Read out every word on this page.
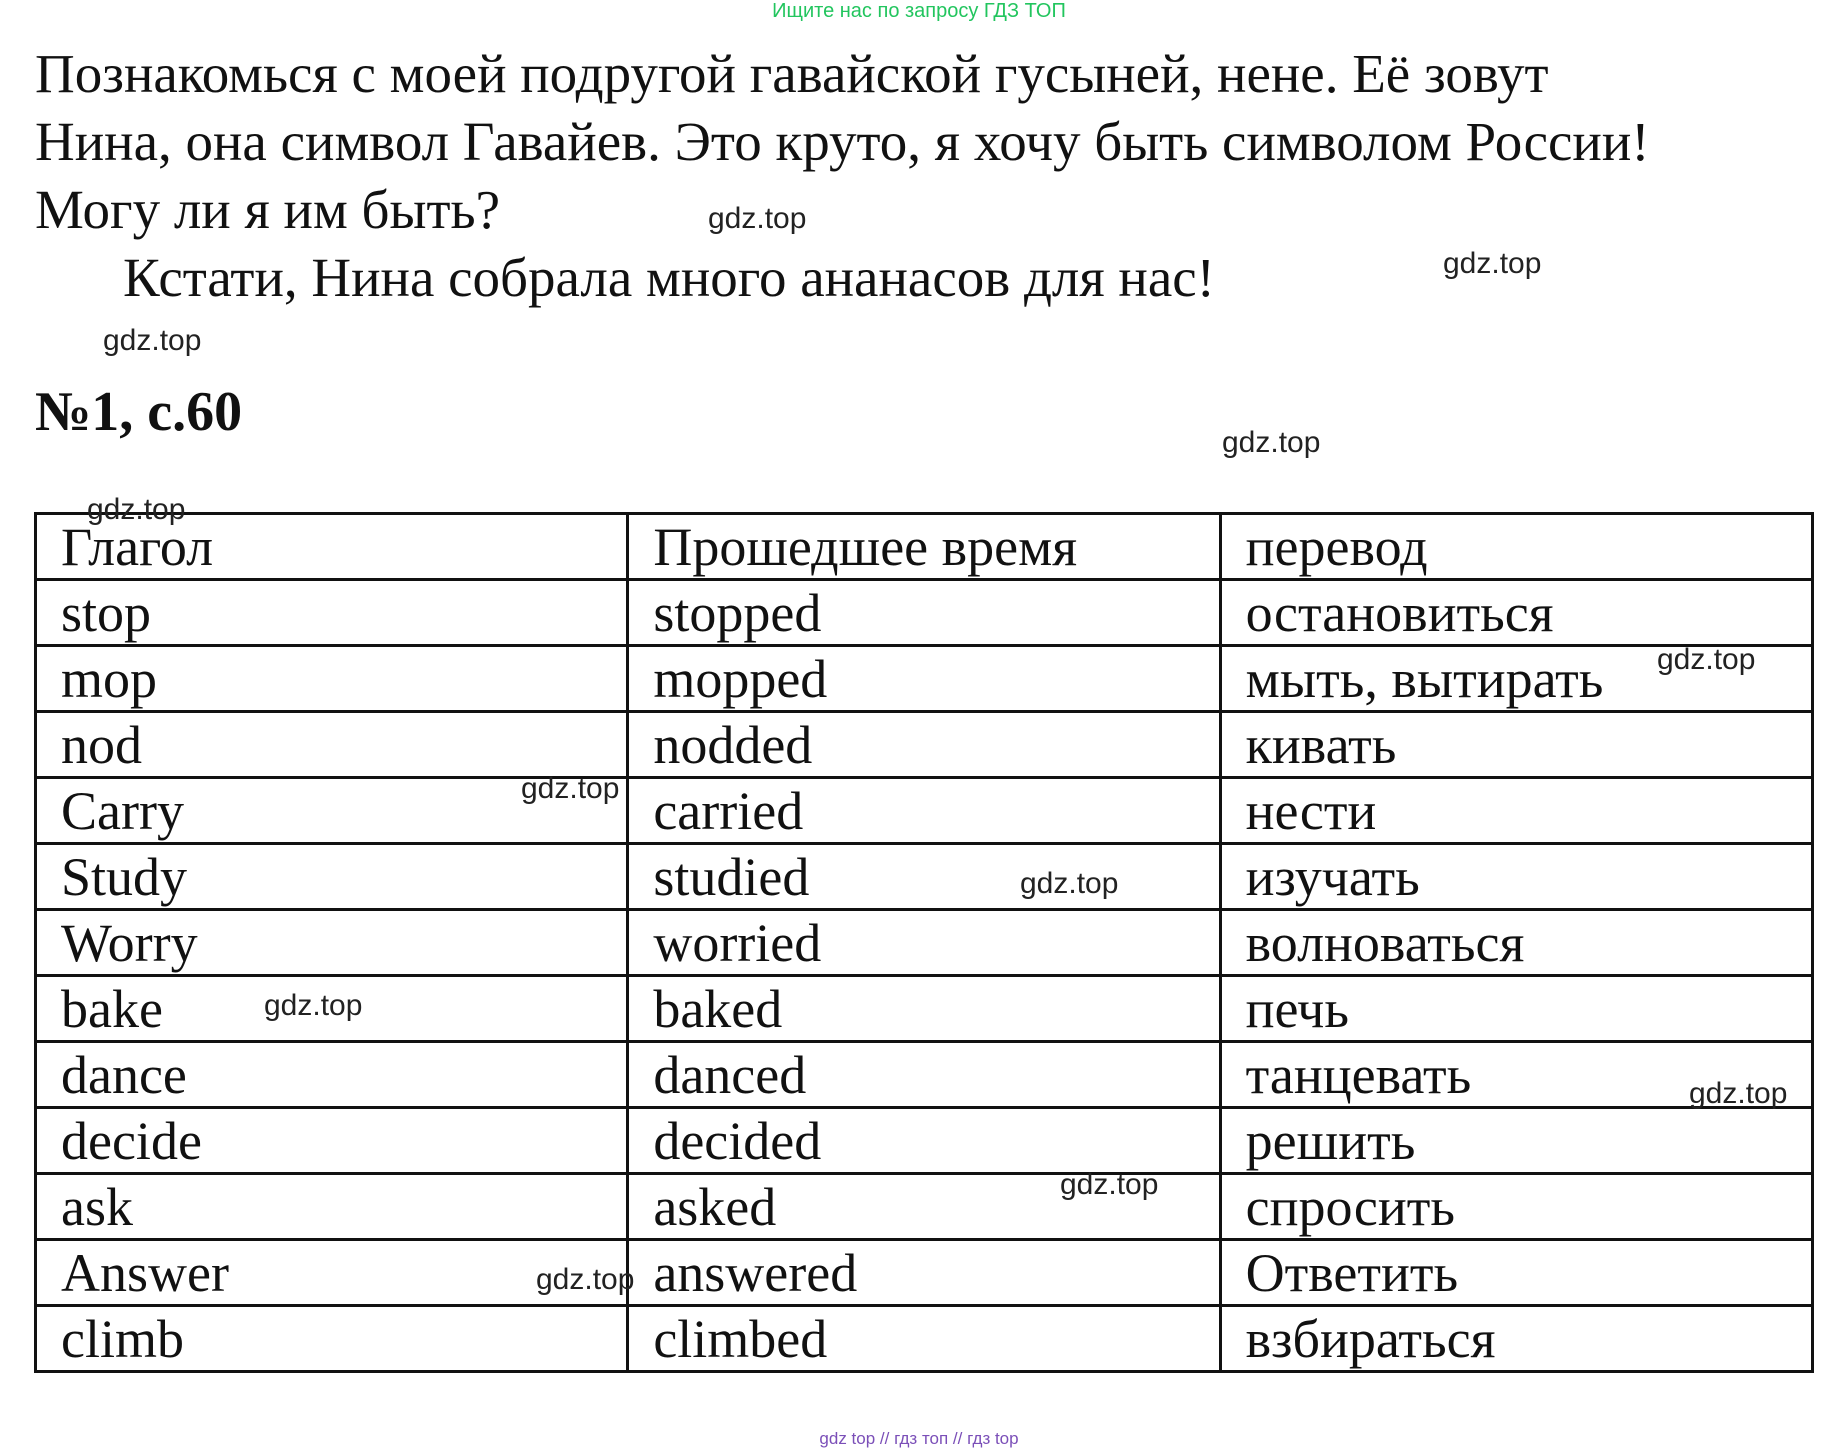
Ищите нас по запросу ГДЗ ТОП
Познакомься с моей подругой гавайской гусыней, нене. Её зовут
Нина, она символ Гавайев. Это круто, я хочу быть символом России!
Могу ли я им быть?
Кстати, Нина собрала много ананасов для нас!
№1, с.60
Глагол	Прошедшее время	перевод
stop	stopped	остановиться
mop	mopped	мыть, вытирать
nod	nodded	кивать
Carry	carried	нести
Study	studied	изучать
Worry	worried	волноваться
bake	baked	печь
dance	danced	танцевать
decide	decided	решить
ask	asked	спросить
Answer	answered	Ответить
climb	climbed	взбираться
gdz.top
gdz.top
gdz.top
gdz.top
gdz.top
gdz.top
gdz.top
gdz.top
gdz.top
gdz.top
gdz.top
gdz.top
gdz top // гдз топ // гдз top
